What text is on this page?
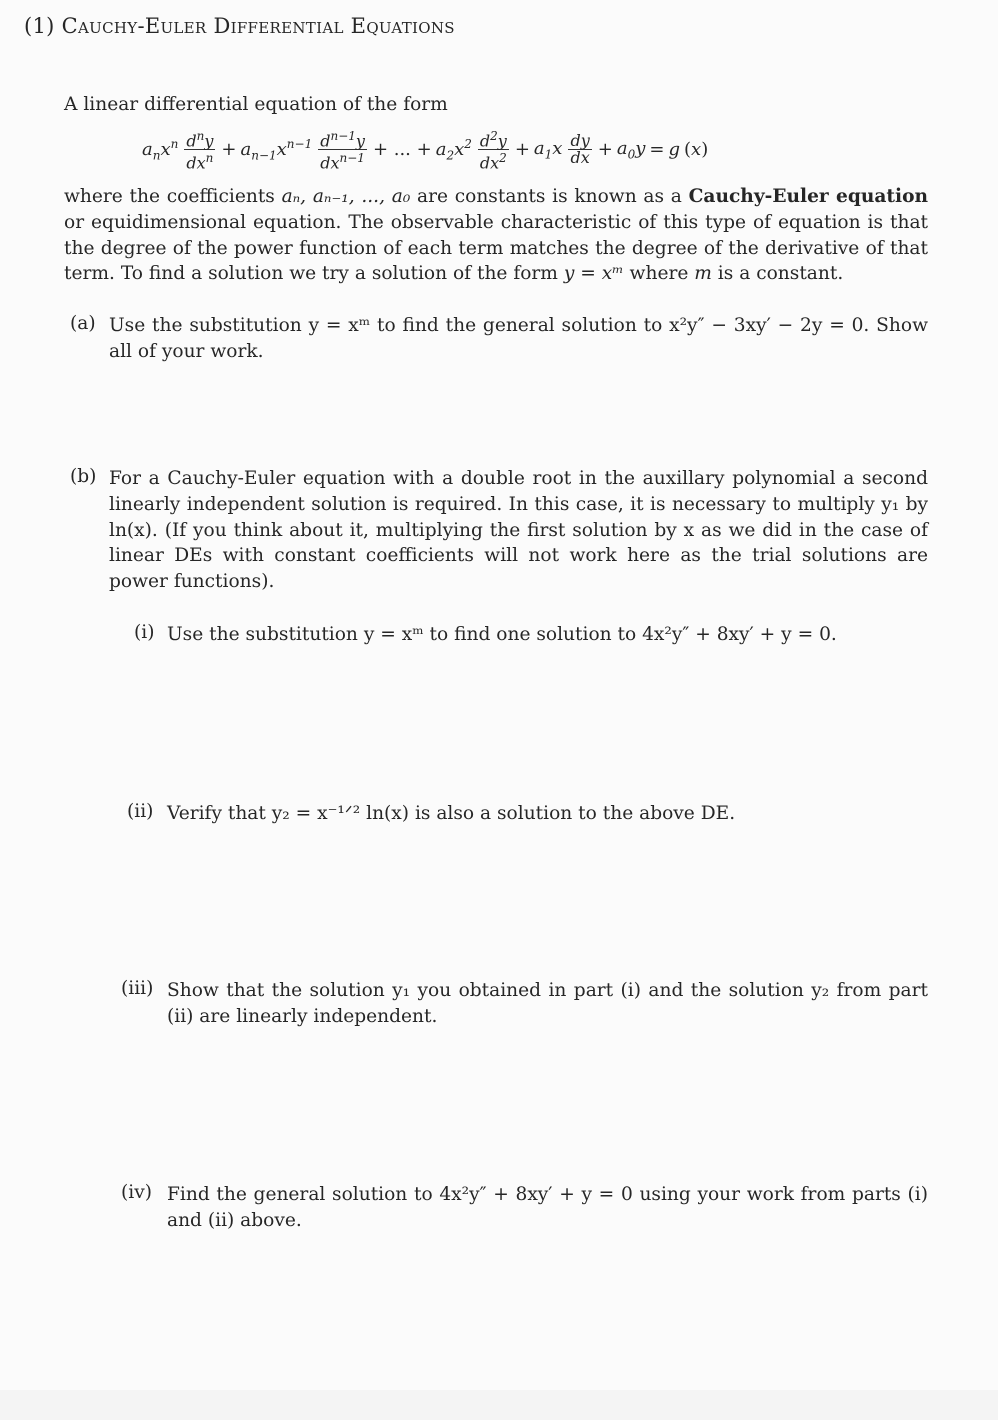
(1) Cauchy-Euler Differential Equations
A linear differential equation of the form
$a_nx^n \frac{d^ny}{dx^n} + a_{n-1}x^{n-1} \frac{d^{n-1}y}{dx^{n-1}}$ + ... + $a_2x^2 \frac{d^2y}{dx^2} + a_1x \frac{dy}{dx} + a_0y = g$ (x)
where the coefficients aₙ, aₙ₋₁, ..., a₀ are constants is known as a Cauchy-Euler equation or equidimensional equation. The observable characteristic of this type of equation is that the degree of the power function of each term matches the degree of the derivative of that term. To find a solution we try a solution of the form y = xᵐ where m is a constant.
(a) Use the substitution y = xᵐ to find the general solution to x²y″ − 3xy′ − 2y = 0. Show all of your work.
(b) For a Cauchy-Euler equation with a double root in the auxillary polynomial a second linearly independent solution is required. In this case, it is necessary to multiply y₁ by ln(x). (If you think about it, multiplying the first solution by x as we did in the case of linear DEs with constant coefficients will not work here as the trial solutions are power functions).
(i) Use the substitution y = xᵐ to find one solution to 4x²y″ + 8xy′ + y = 0.
(ii) Verify that y₂ = x⁻¹ᐟ² ln(x) is also a solution to the above DE.
(iii) Show that the solution y₁ you obtained in part (i) and the solution y₂ from part (ii) are linearly independent.
(iv) Find the general solution to 4x²y″ + 8xy′ + y = 0 using your work from parts (i) and (ii) above.
